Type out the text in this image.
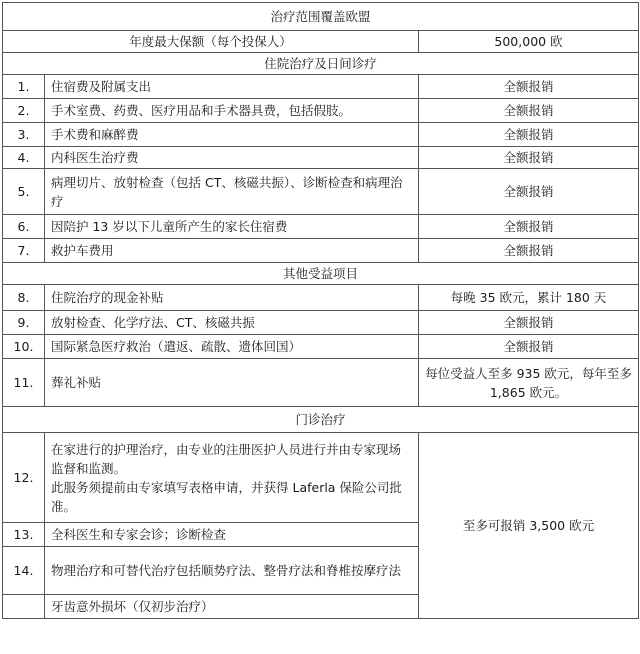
治疗范围覆盖欧盟		
年度最大保额（每个投保人）		500,000 欧
住院治疗及日间诊疗		
1.	住宿费及附属支出	全额报销
2.	手术室费、药费、医疗用品和手术器具费，包括假肢。	全额报销
3.	手术费和麻醉费	全额报销
4.	内科医生治疗费	全额报销
5.	病理切片、放射检查（包括 CT、核磁共振）、诊断检查和病理治疗	全额报销
6.	因陪护 13 岁以下儿童所产生的家长住宿费	全额报销
7.	救护车费用	全额报销
其他受益项目		
8.	住院治疗的现金补贴	每晚 35 欧元，累计 180 天
9.	放射检查、化学疗法、CT、核磁共振	全额报销
10.	国际紧急医疗救治（遣返、疏散、遗体回国）	全额报销
11.	葬礼补贴	每位受益人至多 935 欧元，每年至多 1,865 欧元。
门诊治疗		
12.	在家进行的护理治疗，由专业的注册医护人员进行并由专家现场监督和监测。
此服务须提前由专家填写表格申请，并获得 Laferla 保险公司批准。	至多可报销 3,500 欧元
13.	全科医生和专家会诊；诊断检查	
14.	物理治疗和可替代治疗包括顺势疗法、整骨疗法和脊椎按摩疗法	
	牙齿意外损坏（仅初步治疗）	
